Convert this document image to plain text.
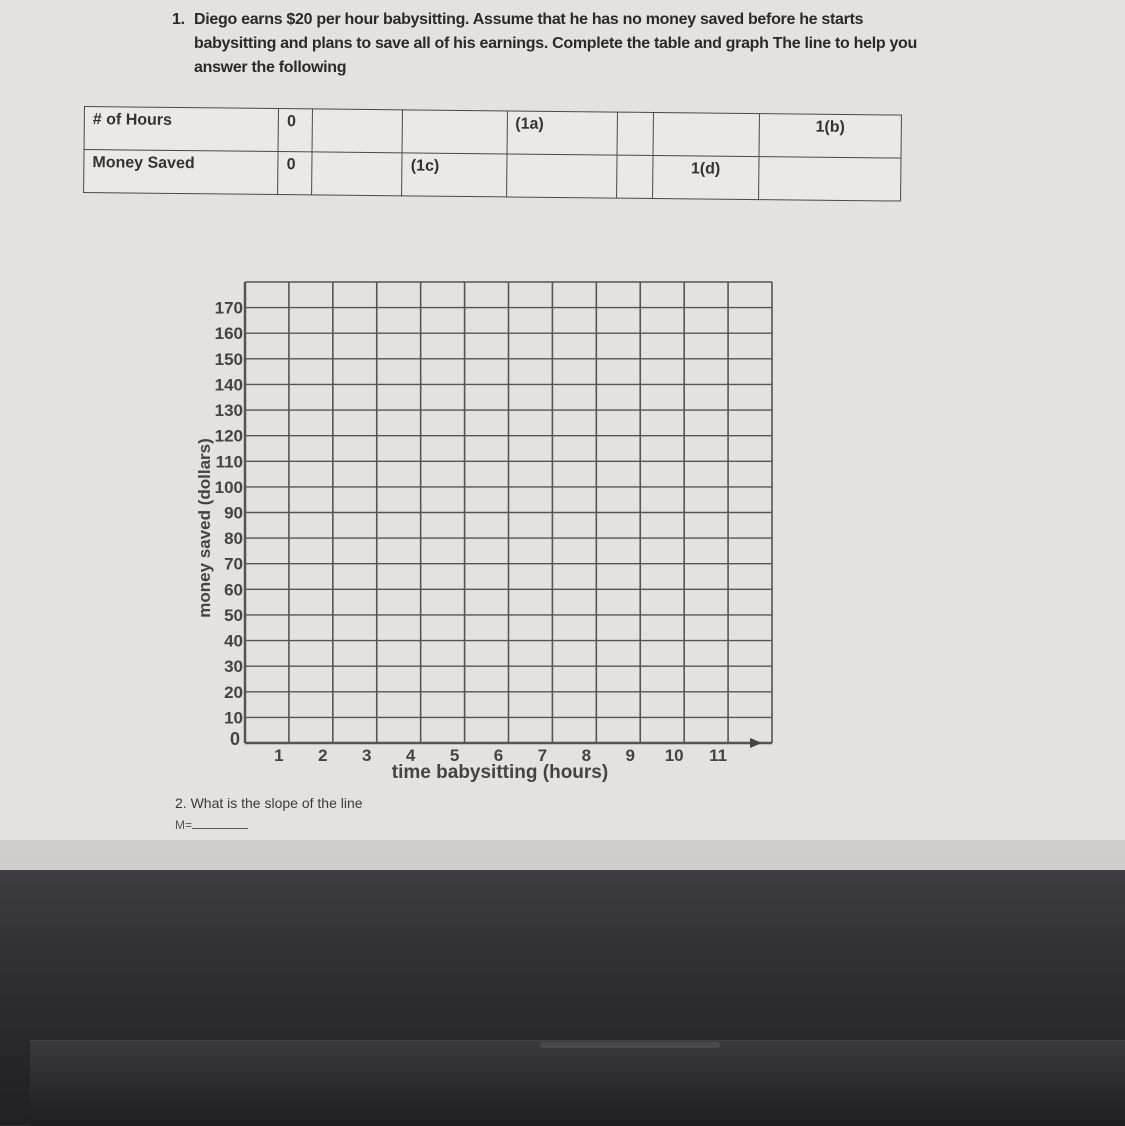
1. Diego earns $20 per hour babysitting. Assume that he has no money saved before he starts babysitting and plans to save all of his earnings. Complete the table and graph The line to help you answer the following
# of Hours	0			(1a)			1(b)
Money Saved	0		(1c)			1(d)	
10
20
30
40
50
60
70
80
90
100
110
120
130
140
150
160
170
1 2 3 4 5 6 7 8 9 10 11
time babysitting (hours)
money saved (dollars)
0
2. What is the slope of the line
M=
